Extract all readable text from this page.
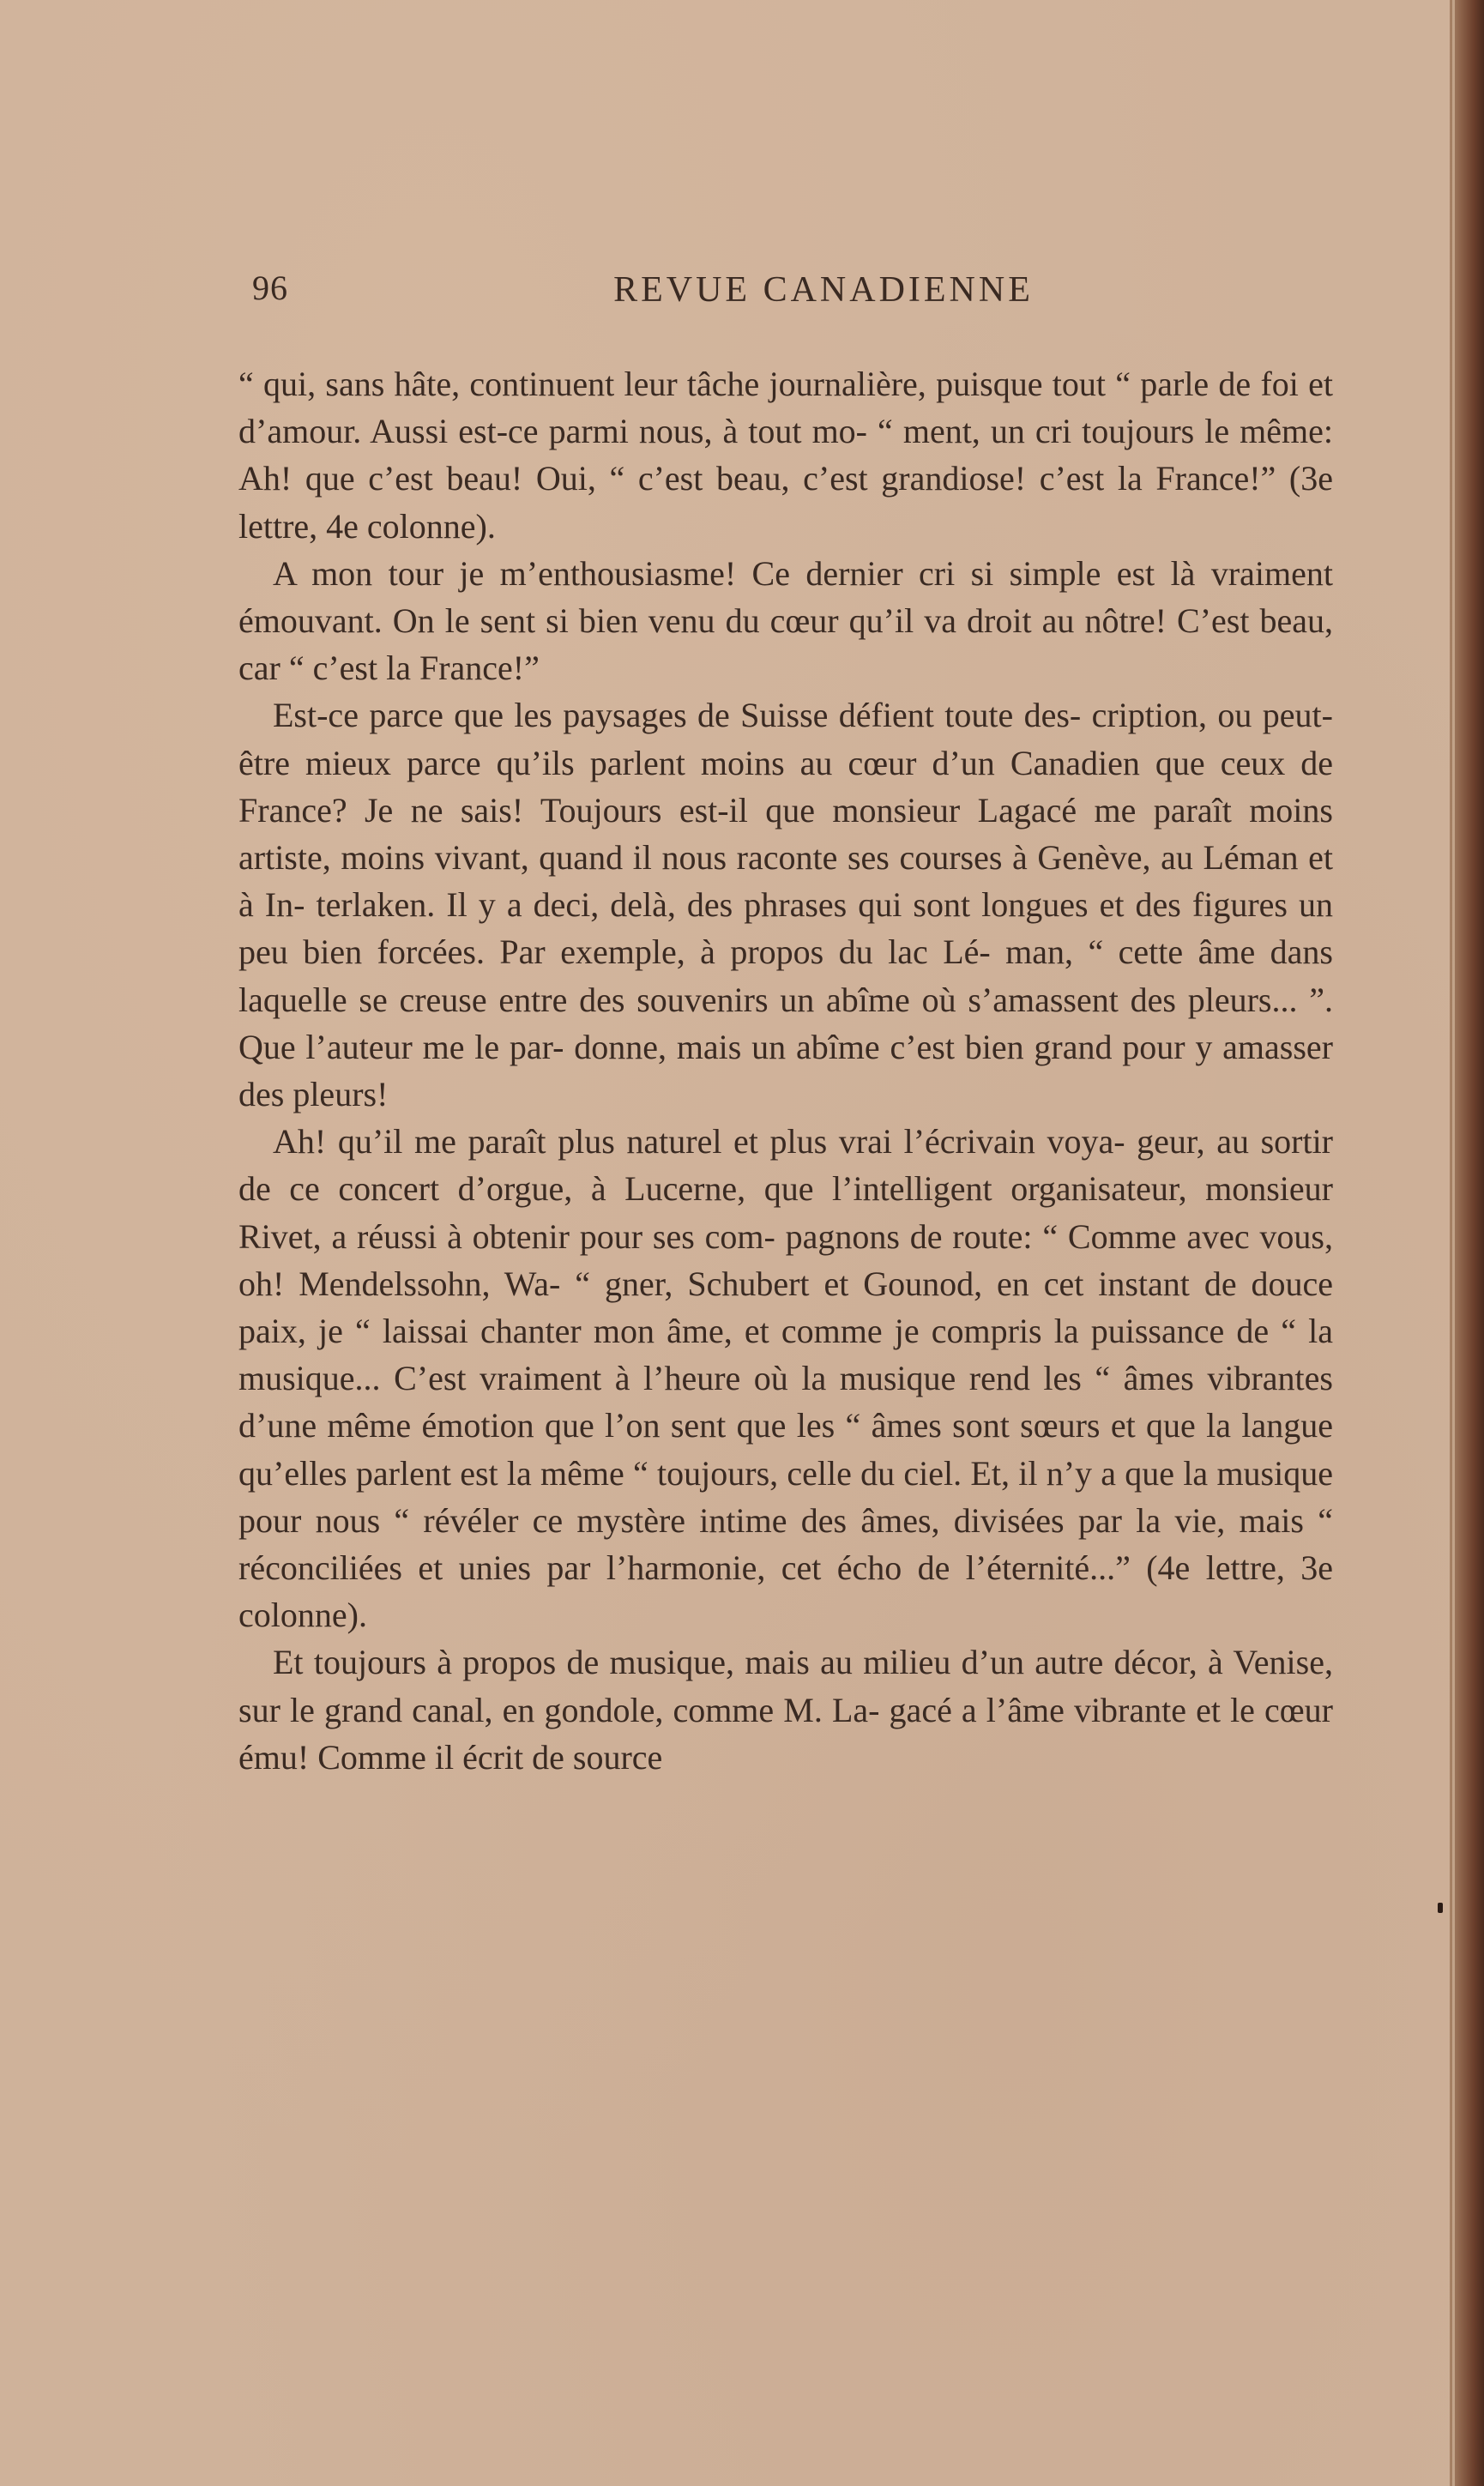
96	REVUE CANADIENNE

“ qui, sans hâte, continuent leur tâche journalière, puisque tout “ parle de foi et d’amour. Aussi est-ce parmi nous, à tout mo- “ ment, un cri toujours le même: Ah! que c’est beau! Oui, “ c’est beau, c’est grandiose! c’est la France!” (3e lettre, 4e colonne).

A mon tour je m’enthousiasme! Ce dernier cri si simple est là vraiment émouvant. On le sent si bien venu du cœur qu’il va droit au nôtre! C’est beau, car “ c’est la France!”

Est-ce parce que les paysages de Suisse défient toute des- cription, ou peut-être mieux parce qu’ils parlent moins au cœur d’un Canadien que ceux de France? Je ne sais! Toujours est-il que monsieur Lagacé me paraît moins artiste, moins vivant, quand il nous raconte ses courses à Genève, au Léman et à In- terlaken. Il y a deci, delà, des phrases qui sont longues et des figures un peu bien forcées. Par exemple, à propos du lac Lé- man, “ cette âme dans laquelle se creuse entre des souvenirs un abîme où s’amassent des pleurs... ”. Que l’auteur me le par- donne, mais un abîme c’est bien grand pour y amasser des pleurs!

Ah! qu’il me paraît plus naturel et plus vrai l’écrivain voya- geur, au sortir de ce concert d’orgue, à Lucerne, que l’intelligent organisateur, monsieur Rivet, a réussi à obtenir pour ses com- pagnons de route: “ Comme avec vous, oh! Mendelssohn, Wa- “ gner, Schubert et Gounod, en cet instant de douce paix, je “ laissai chanter mon âme, et comme je compris la puissance de “ la musique... C’est vraiment à l’heure où la musique rend les “ âmes vibrantes d’une même émotion que l’on sent que les “ âmes sont sœurs et que la langue qu’elles parlent est la même “ toujours, celle du ciel. Et, il n’y a que la musique pour nous “ révéler ce mystère intime des âmes, divisées par la vie, mais “ réconciliées et unies par l’harmonie, cet écho de l’éternité...” (4e lettre, 3e colonne).

Et toujours à propos de musique, mais au milieu d’un autre décor, à Venise, sur le grand canal, en gondole, comme M. La- gacé a l’âme vibrante et le cœur ému! Comme il écrit de source
